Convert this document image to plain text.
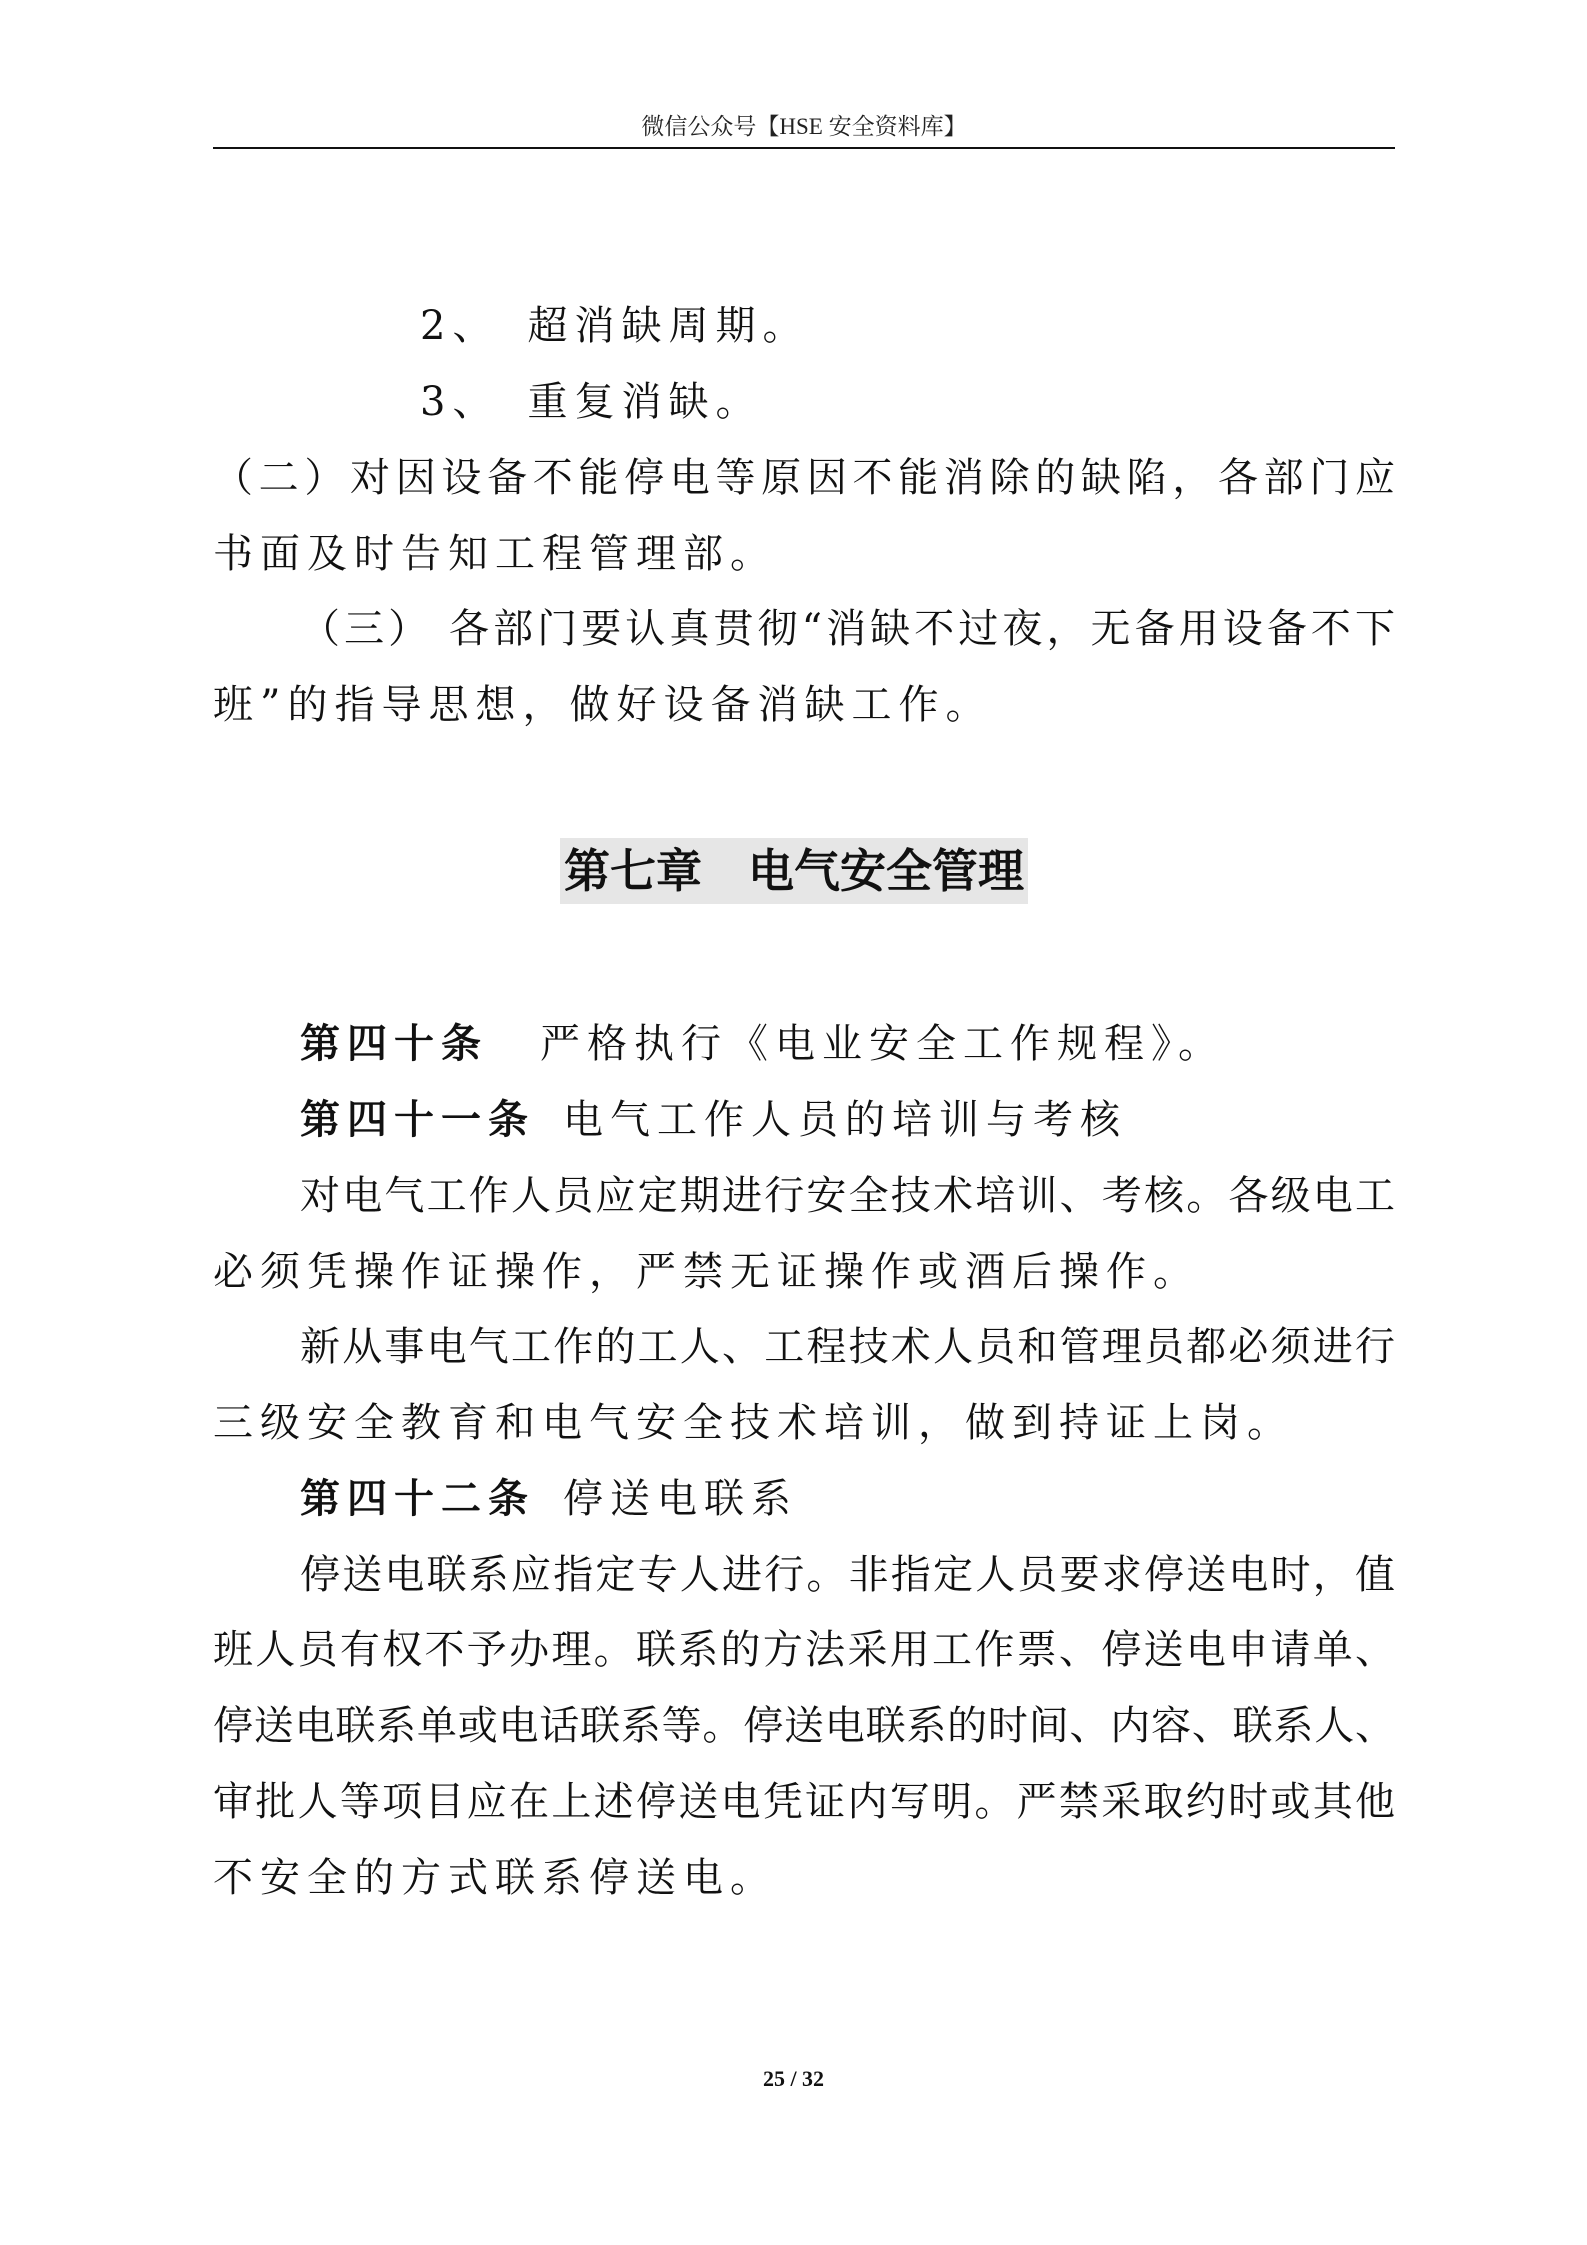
微信公众号【HSE 安全资料库】
2、 超消缺周期。
3、 重复消缺。
（二）对因设备不能停电等原因不能消除的缺陷，各部门应
书面及时告知工程管理部。
（三） 各部门要认真贯彻“消缺不过夜，无备用设备不下
班”的指导思想，做好设备消缺工作。
第七章　电气安全管理
第四十条 严格执行《电业安全工作规程》。
第四十一条 电气工作人员的培训与考核
对电气工作人员应定期进行安全技术培训、考核。各级电工
必须凭操作证操作，严禁无证操作或酒后操作。
新从事电气工作的工人、工程技术人员和管理员都必须进行
三级安全教育和电气安全技术培训，做到持证上岗。
第四十二条 停送电联系
停送电联系应指定专人进行。非指定人员要求停送电时，值
班人员有权不予办理。联系的方法采用工作票、停送电申请单、
停送电联系单或电话联系等。停送电联系的时间、内容、联系人、
审批人等项目应在上述停送电凭证内写明。严禁采取约时或其他
不安全的方式联系停送电。
25 / 32
